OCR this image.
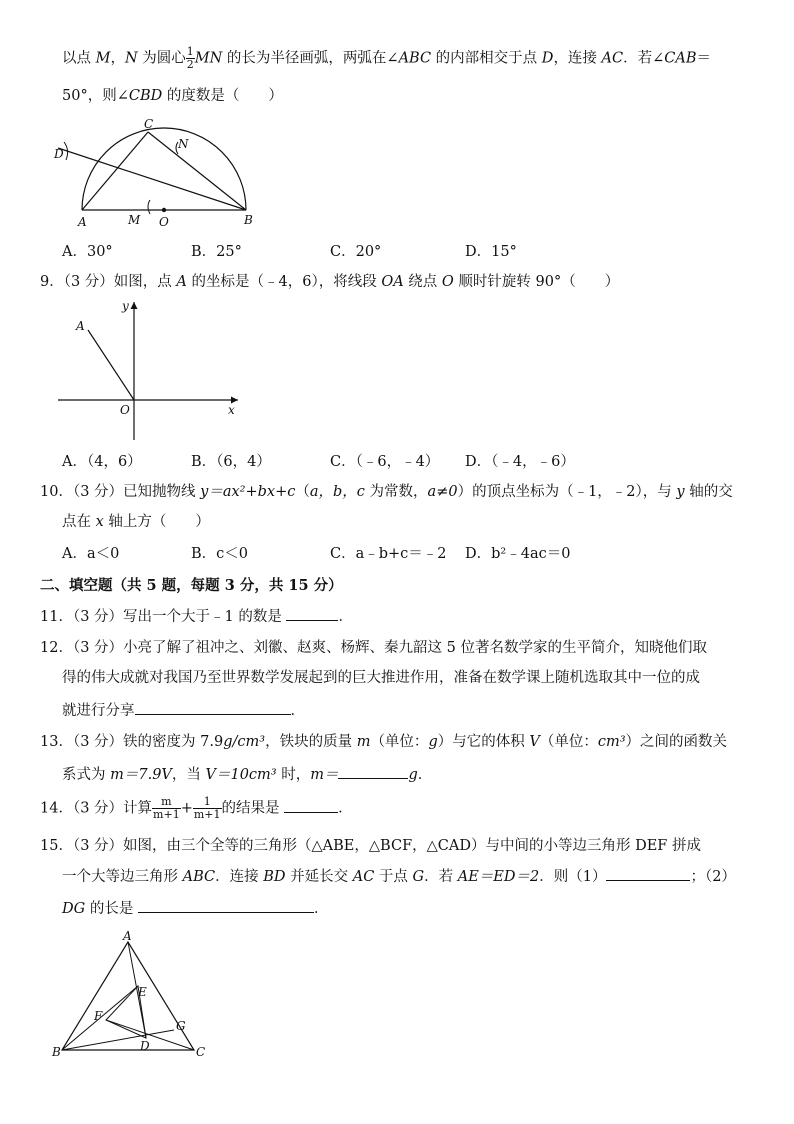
以点 M，N 为圆心 $\frac{1}{2}$ MN 的长为半径画弧，两弧在∠ABC 的内部相交于点 D，连接 AC．若∠CAB＝
50°，则∠CBD 的度数是（　　）
C
N
D
A	M O	B
A．30°	B．25°	C．20°	D．15°
9．（3 分）如图，点 A 的坐标是（﹣4，6），将线段 OA 绕点 O 顺时针旋转 90°（　　）
y
A
O	x
A．（4，6）	B．（6，4）	C．（﹣6，﹣4） D．（﹣4，﹣6）
10．（3 分）已知抛物线 y＝ax²+bx+c（a，b，c 为常数，a≠0）的顶点坐标为（﹣1，﹣2），与 y 轴的交
点在 x 轴上方（　　）
A．a＜0	B．c＜0	C．a﹣b+c＝﹣2 D．b²﹣4ac＝0
二、填空题（共 5 题，每题 3 分，共 15 分）
11．（3 分）写出一个大于﹣1 的数是	．
12．（3 分）小亮了解了祖冲之、刘徽、赵爽、杨辉、秦九韶这 5 位著名数学家的生平简介，知晓他们取
得的伟大成就对我国乃至世界数学发展起到的巨大推进作用，准备在数学课上随机选取其中一位的成
就进行分享	．
13．（3 分）铁的密度为 7.9g/cm³，铁块的质量 m（单位：g）与它的体积 V（单位：cm³）之间的函数关
系式为 m＝7.9V，当 V＝10cm³ 时，m＝	g．
14．（3 分）计算 $\frac{m}{m+1} + \frac{1}{m+1}$ 的结果是	．
15．（3 分）如图，由三个全等的三角形（△ABE，△BCF，△CAD）与中间的小等边三角形 DEF 拼成
一个大等边三角形 ABC．连接 BD 并延长交 AC 于点 G．若 AE＝ED＝2．则（1）	；（2）
DG 的长是	．
A
E
F
G
B	D	C
